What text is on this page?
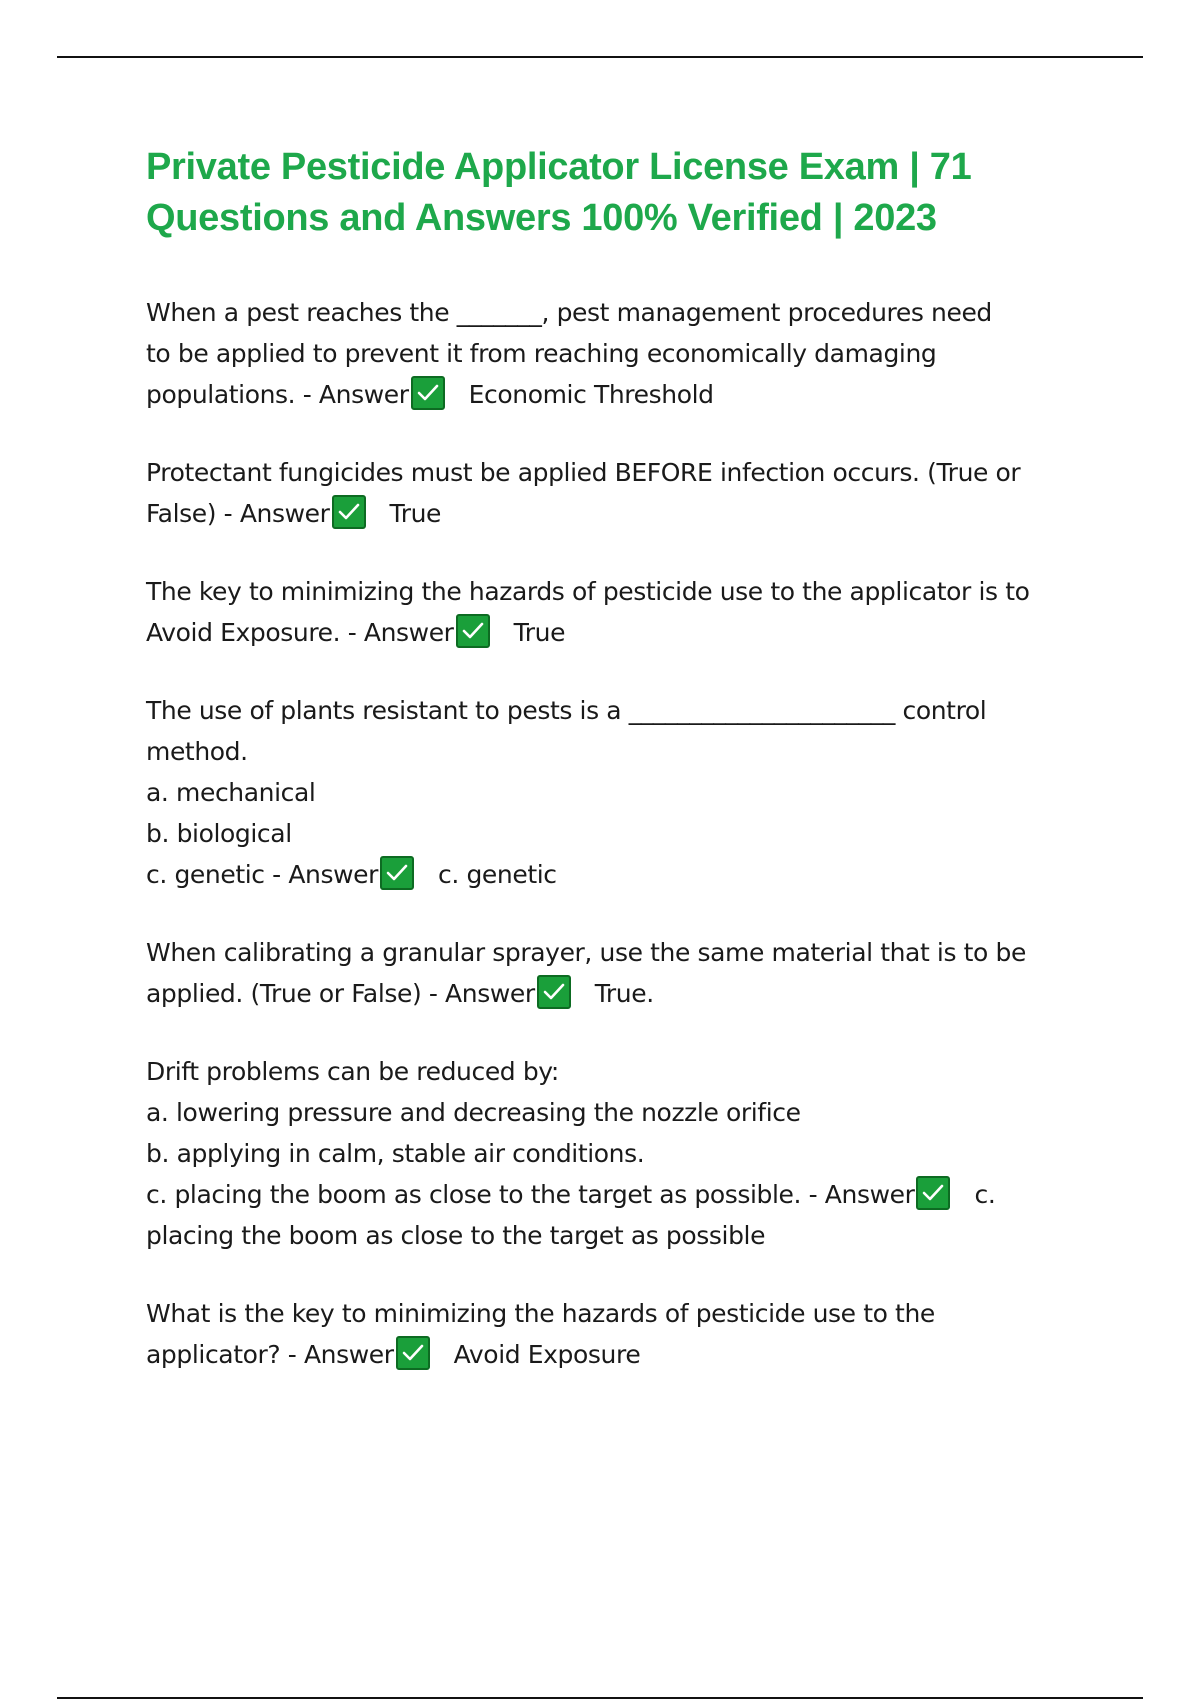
Private Pesticide Applicator License Exam | 71
Questions and Answers 100% Verified | 2023
When a pest reaches the _______, pest management procedures need
to be applied to prevent it from reaching economically damaging
populations. - Answer Economic Threshold
Protectant fungicides must be applied BEFORE infection occurs. (True or
False) - Answer True
The key to minimizing the hazards of pesticide use to the applicator is to
Avoid Exposure. - Answer True
The use of plants resistant to pests is a ______________________ control
method.
a. mechanical
b. biological
c. genetic - Answer c. genetic
When calibrating a granular sprayer, use the same material that is to be
applied. (True or False) - Answer True.
Drift problems can be reduced by:
a. lowering pressure and decreasing the nozzle orifice
b. applying in calm, stable air conditions.
c. placing the boom as close to the target as possible. - Answer c.
placing the boom as close to the target as possible
What is the key to minimizing the hazards of pesticide use to the
applicator? - Answer Avoid Exposure
